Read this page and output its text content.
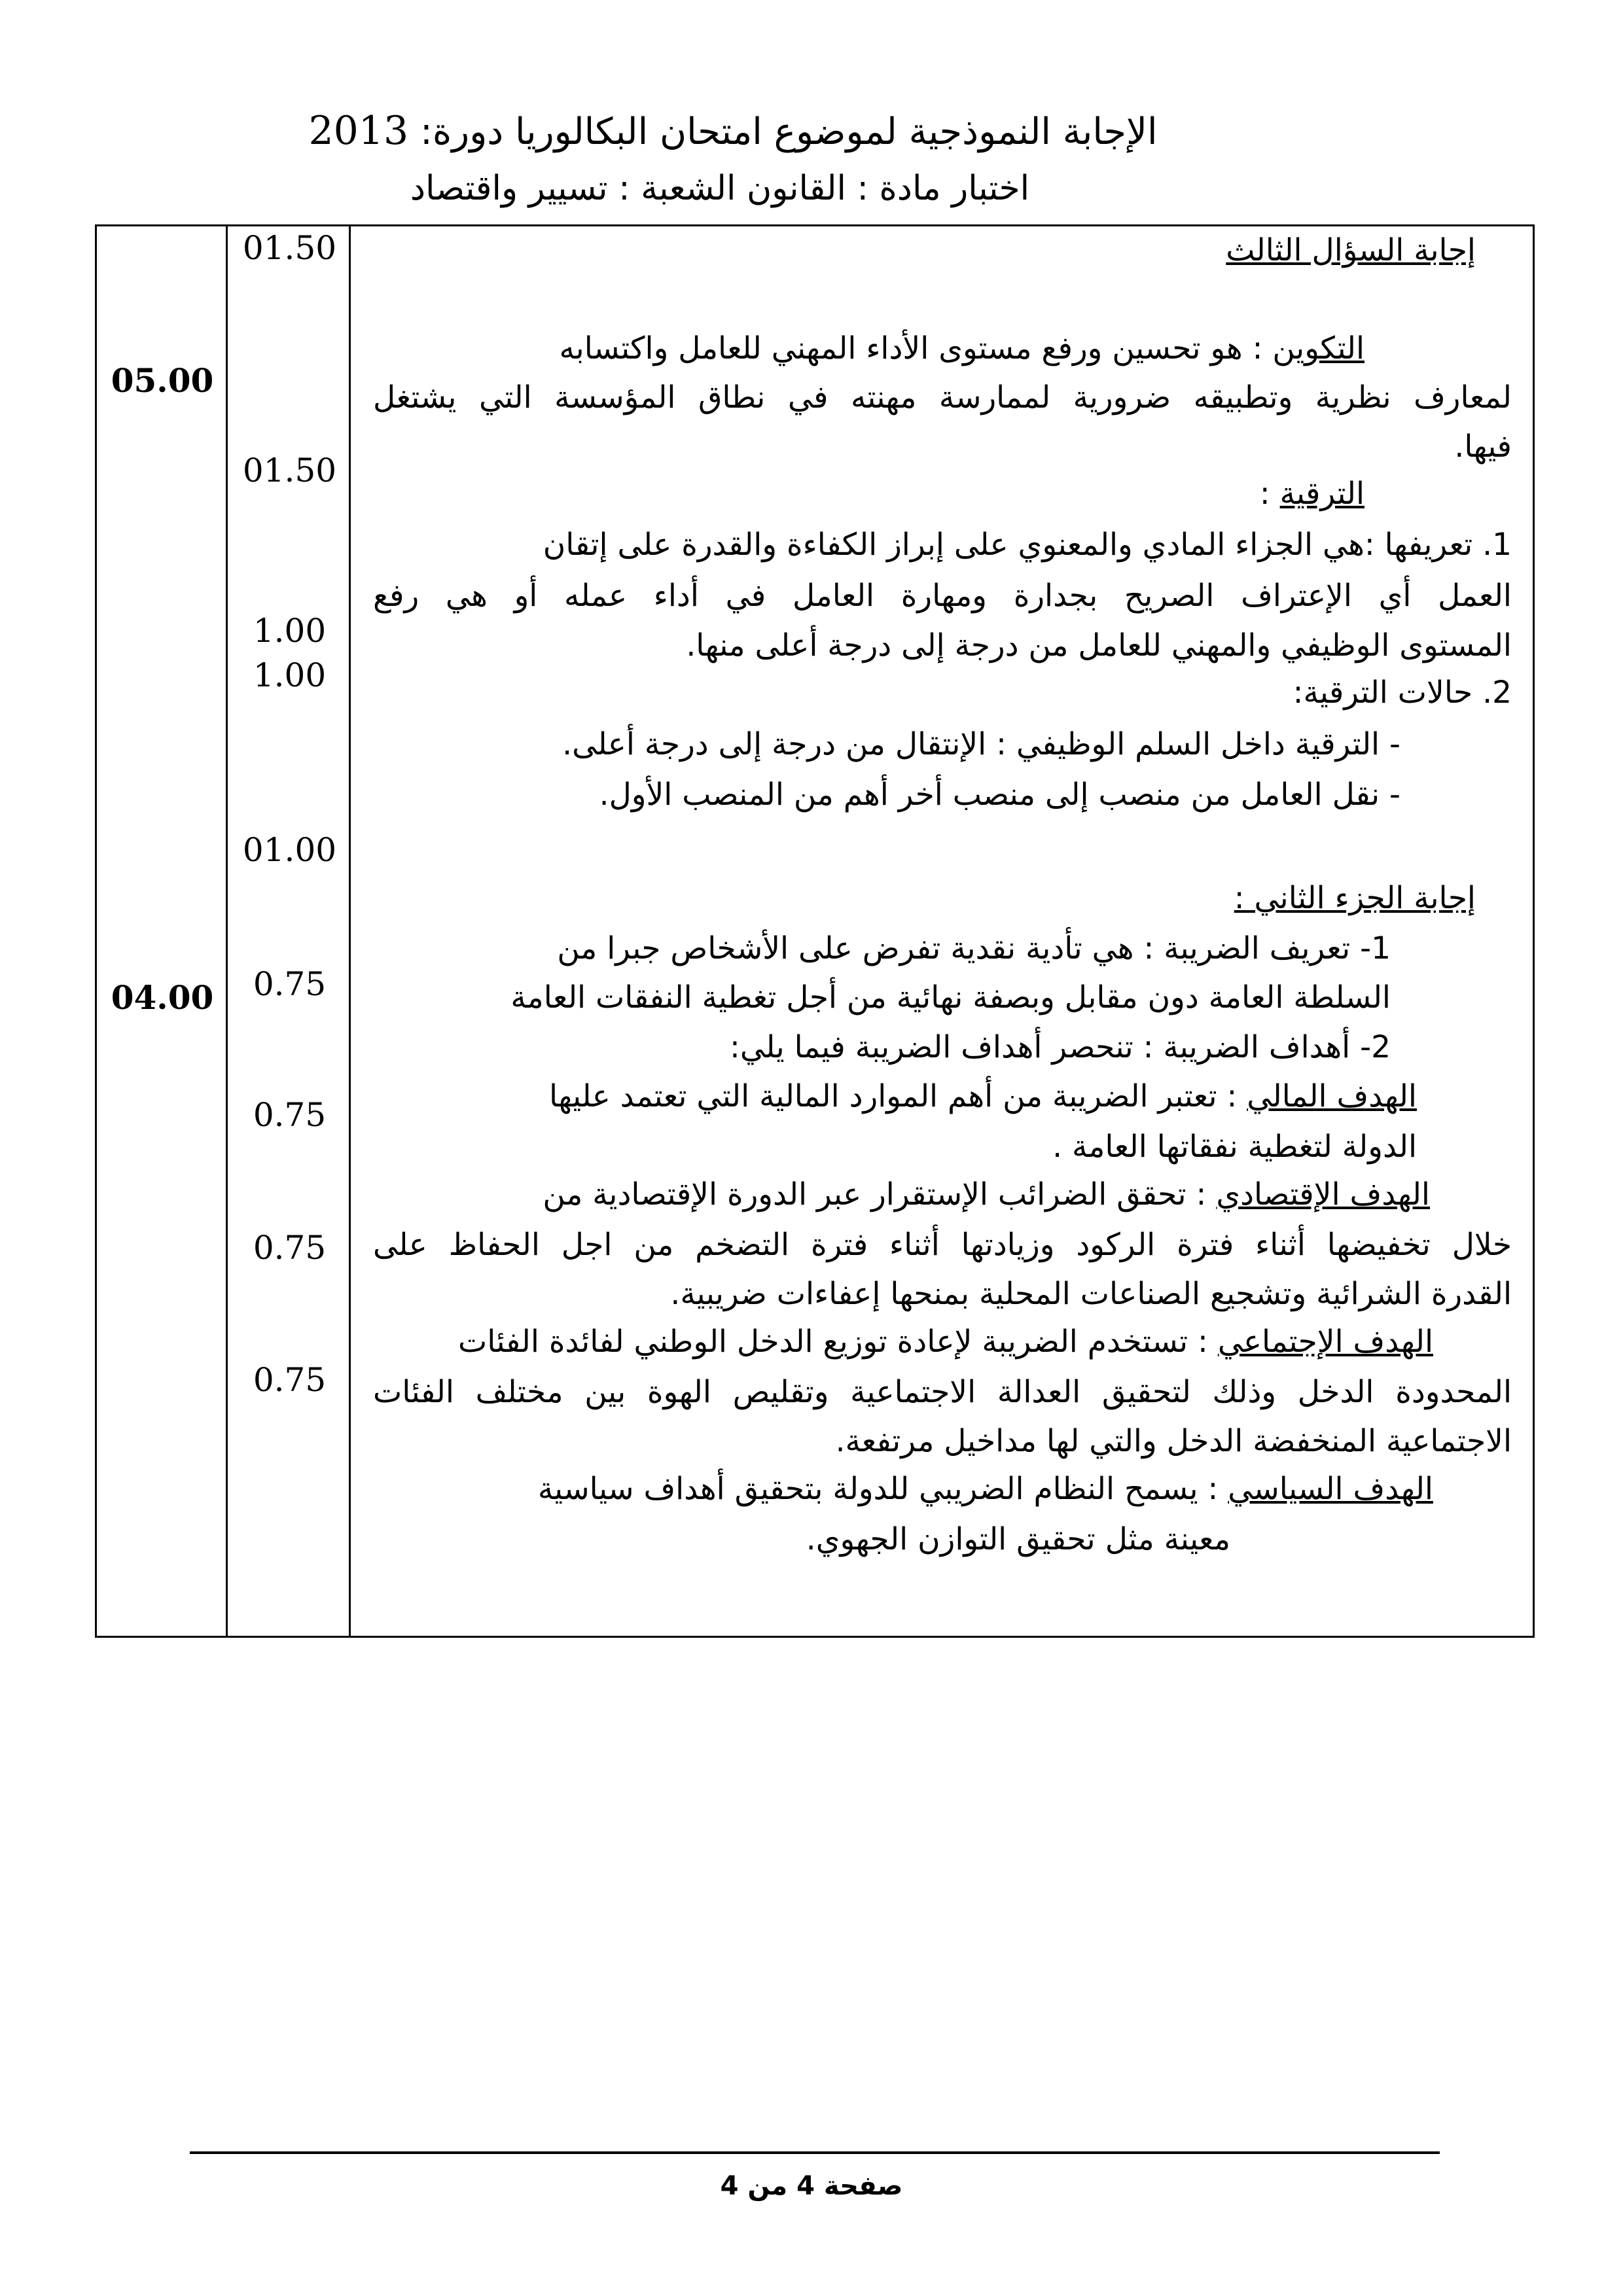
الإجابة النموذجية لموضوع امتحان البكالوريا دورة: 2013
اختبار مادة : القانون الشعبة : تسيير واقتصاد
05.00
04.00
01.50
01.50
1.00
1.00
01.00
0.75
0.75
0.75
0.75
إجابة السؤال الثالث
التكوين : هو تحسين ورفع مستوى الأداء المهني للعامل واكتسابه
لمعارف نظرية وتطبيقه ضرورية لممارسة مهنته في نطاق المؤسسة التي يشتغل
فيها.
الترقية :
1. تعريفها :هي الجزاء المادي والمعنوي على إبراز الكفاءة والقدرة على إتقان
العمل أي الإعتراف الصريح بجدارة ومهارة العامل في أداء عمله أو هي رفع
المستوى الوظيفي والمهني للعامل من درجة إلى درجة أعلى منها.
2. حالات الترقية:
- الترقية داخل السلم الوظيفي : الإنتقال من درجة إلى درجة أعلى.
- نقل العامل من منصب إلى منصب أخر أهم من المنصب الأول.
إجابة الجزء الثاني :
1- تعريف الضريبة : هي تأدية نقدية تفرض على الأشخاص جبرا من
السلطة العامة دون مقابل وبصفة نهائية من أجل تغطية النفقات العامة
2- أهداف الضريبة : تنحصر أهداف الضريبة فيما يلي:
الهدف المالي : تعتبر الضريبة من أهم الموارد المالية التي تعتمد عليها
الدولة لتغطية نفقاتها العامة .
الهدف الإقتصادي : تحقق الضرائب الإستقرار عبر الدورة الإقتصادية من
خلال تخفيضها أثناء فترة الركود وزيادتها أثناء فترة التضخم من اجل الحفاظ على
القدرة الشرائية وتشجيع الصناعات المحلية بمنحها إعفاءات ضريبية.
الهدف الإجتماعي : تستخدم الضريبة لإعادة توزيع الدخل الوطني لفائدة الفئات
المحدودة الدخل وذلك لتحقيق العدالة الاجتماعية وتقليص الهوة بين مختلف الفئات
الاجتماعية المنخفضة الدخل والتي لها مداخيل مرتفعة.
الهدف السياسي : يسمح النظام الضريبي للدولة بتحقيق أهداف سياسية
معينة مثل تحقيق التوازن الجهوي.
صفحة 4 من 4
